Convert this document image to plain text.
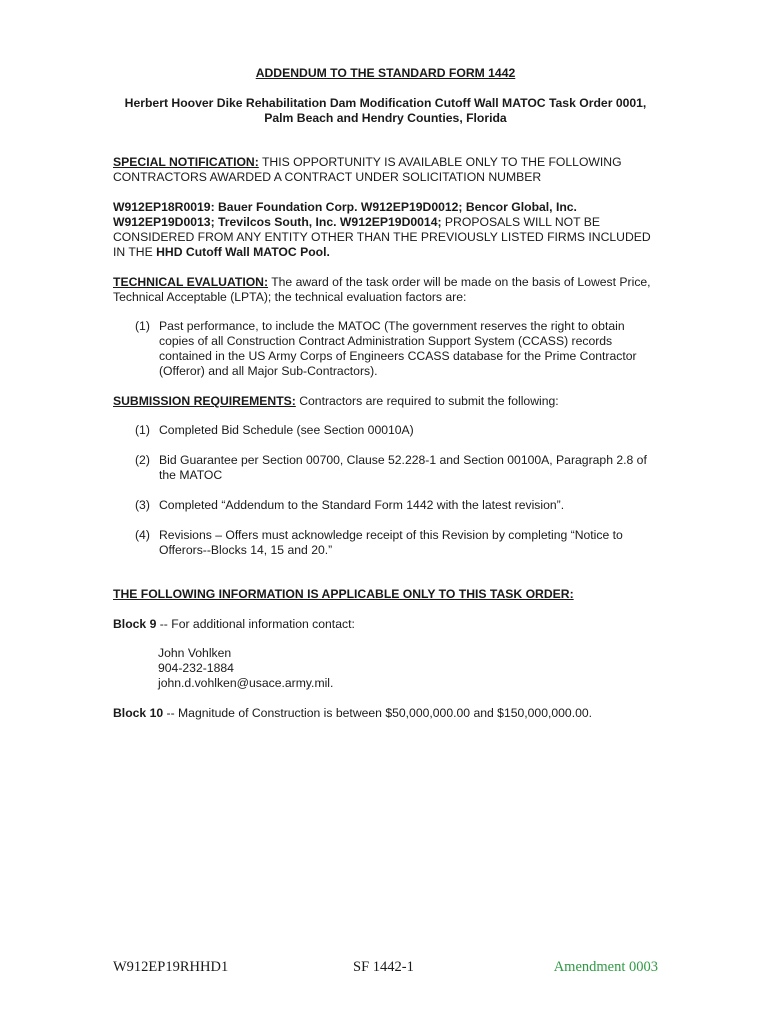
ADDENDUM TO THE STANDARD FORM 1442

Herbert Hoover Dike Rehabilitation Dam Modification Cutoff Wall MATOC Task Order 0001,
Palm Beach and Hendry Counties, Florida

SPECIAL NOTIFICATION: THIS OPPORTUNITY IS AVAILABLE ONLY TO THE FOLLOWING CONTRACTORS AWARDED A CONTRACT UNDER SOLICITATION NUMBER

W912EP18R0019: Bauer Foundation Corp. W912EP19D0012; Bencor Global, Inc. W912EP19D0013; Trevilcos South, Inc. W912EP19D0014; PROPOSALS WILL NOT BE CONSIDERED FROM ANY ENTITY OTHER THAN THE PREVIOUSLY LISTED FIRMS INCLUDED IN THE HHD Cutoff Wall MATOC Pool.

TECHNICAL EVALUATION: The award of the task order will be made on the basis of Lowest Price, Technical Acceptable (LPTA); the technical evaluation factors are:

(1) Past performance, to include the MATOC (The government reserves the right to obtain copies of all Construction Contract Administration Support System (CCASS) records contained in the US Army Corps of Engineers CCASS database for the Prime Contractor (Offeror) and all Major Sub-Contractors).

SUBMISSION REQUIREMENTS: Contractors are required to submit the following:

(1) Completed Bid Schedule (see Section 00010A)
(2) Bid Guarantee per Section 00700, Clause 52.228-1 and Section 00100A, Paragraph 2.8 of the MATOC
(3) Completed “Addendum to the Standard Form 1442 with the latest revision”.
(4) Revisions – Offers must acknowledge receipt of this Revision by completing “Notice to Offerors--Blocks 14, 15 and 20.”

THE FOLLOWING INFORMATION IS APPLICABLE ONLY TO THIS TASK ORDER:

Block 9 -- For additional information contact:

John Vohlken
904-232-1884
john.d.vohlken@usace.army.mil.

Block 10 -- Magnitude of Construction is between $50,000,000.00 and $150,000,000.00.

W912EP19RHHD1	SF 1442-1	Amendment 0003
